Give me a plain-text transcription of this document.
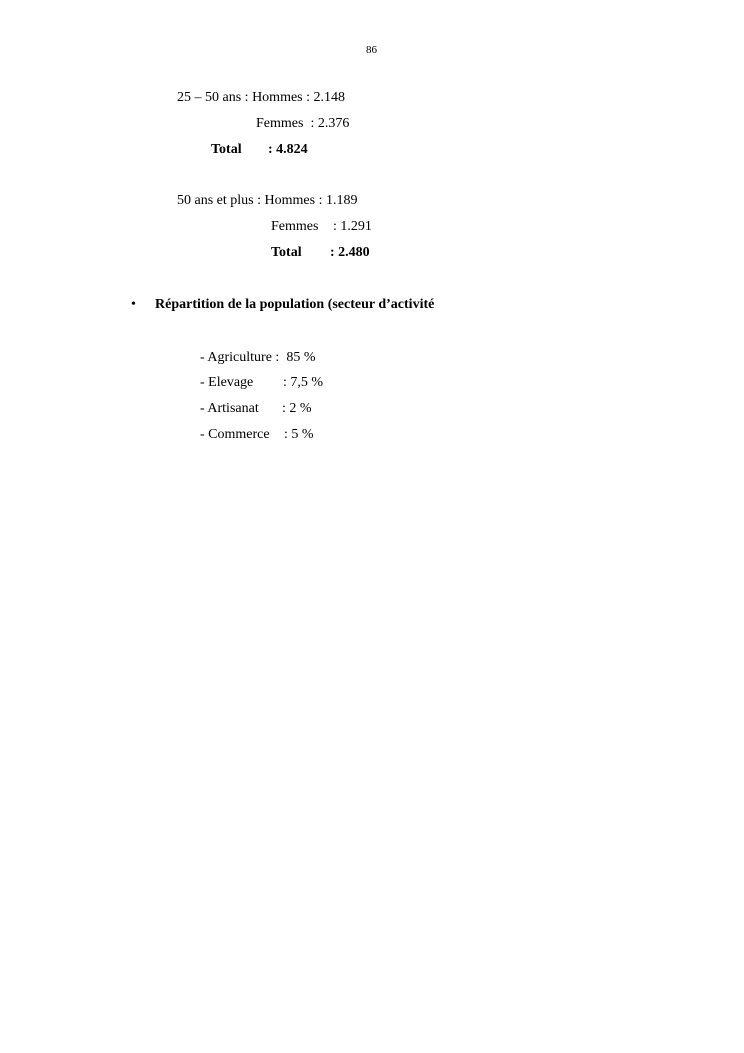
86
25 – 50 ans : Hommes : 2.148
Femmes  : 2.376
Total : 4.824
50 ans et plus : Hommes : 1.189
Femmes : 1.291
Total : 2.480
• Répartition de la population (secteur d’activité
- Agriculture :  85 %
- Elevage : 7,5 %
- Artisanat : 2 %
- Commerce : 5 %
